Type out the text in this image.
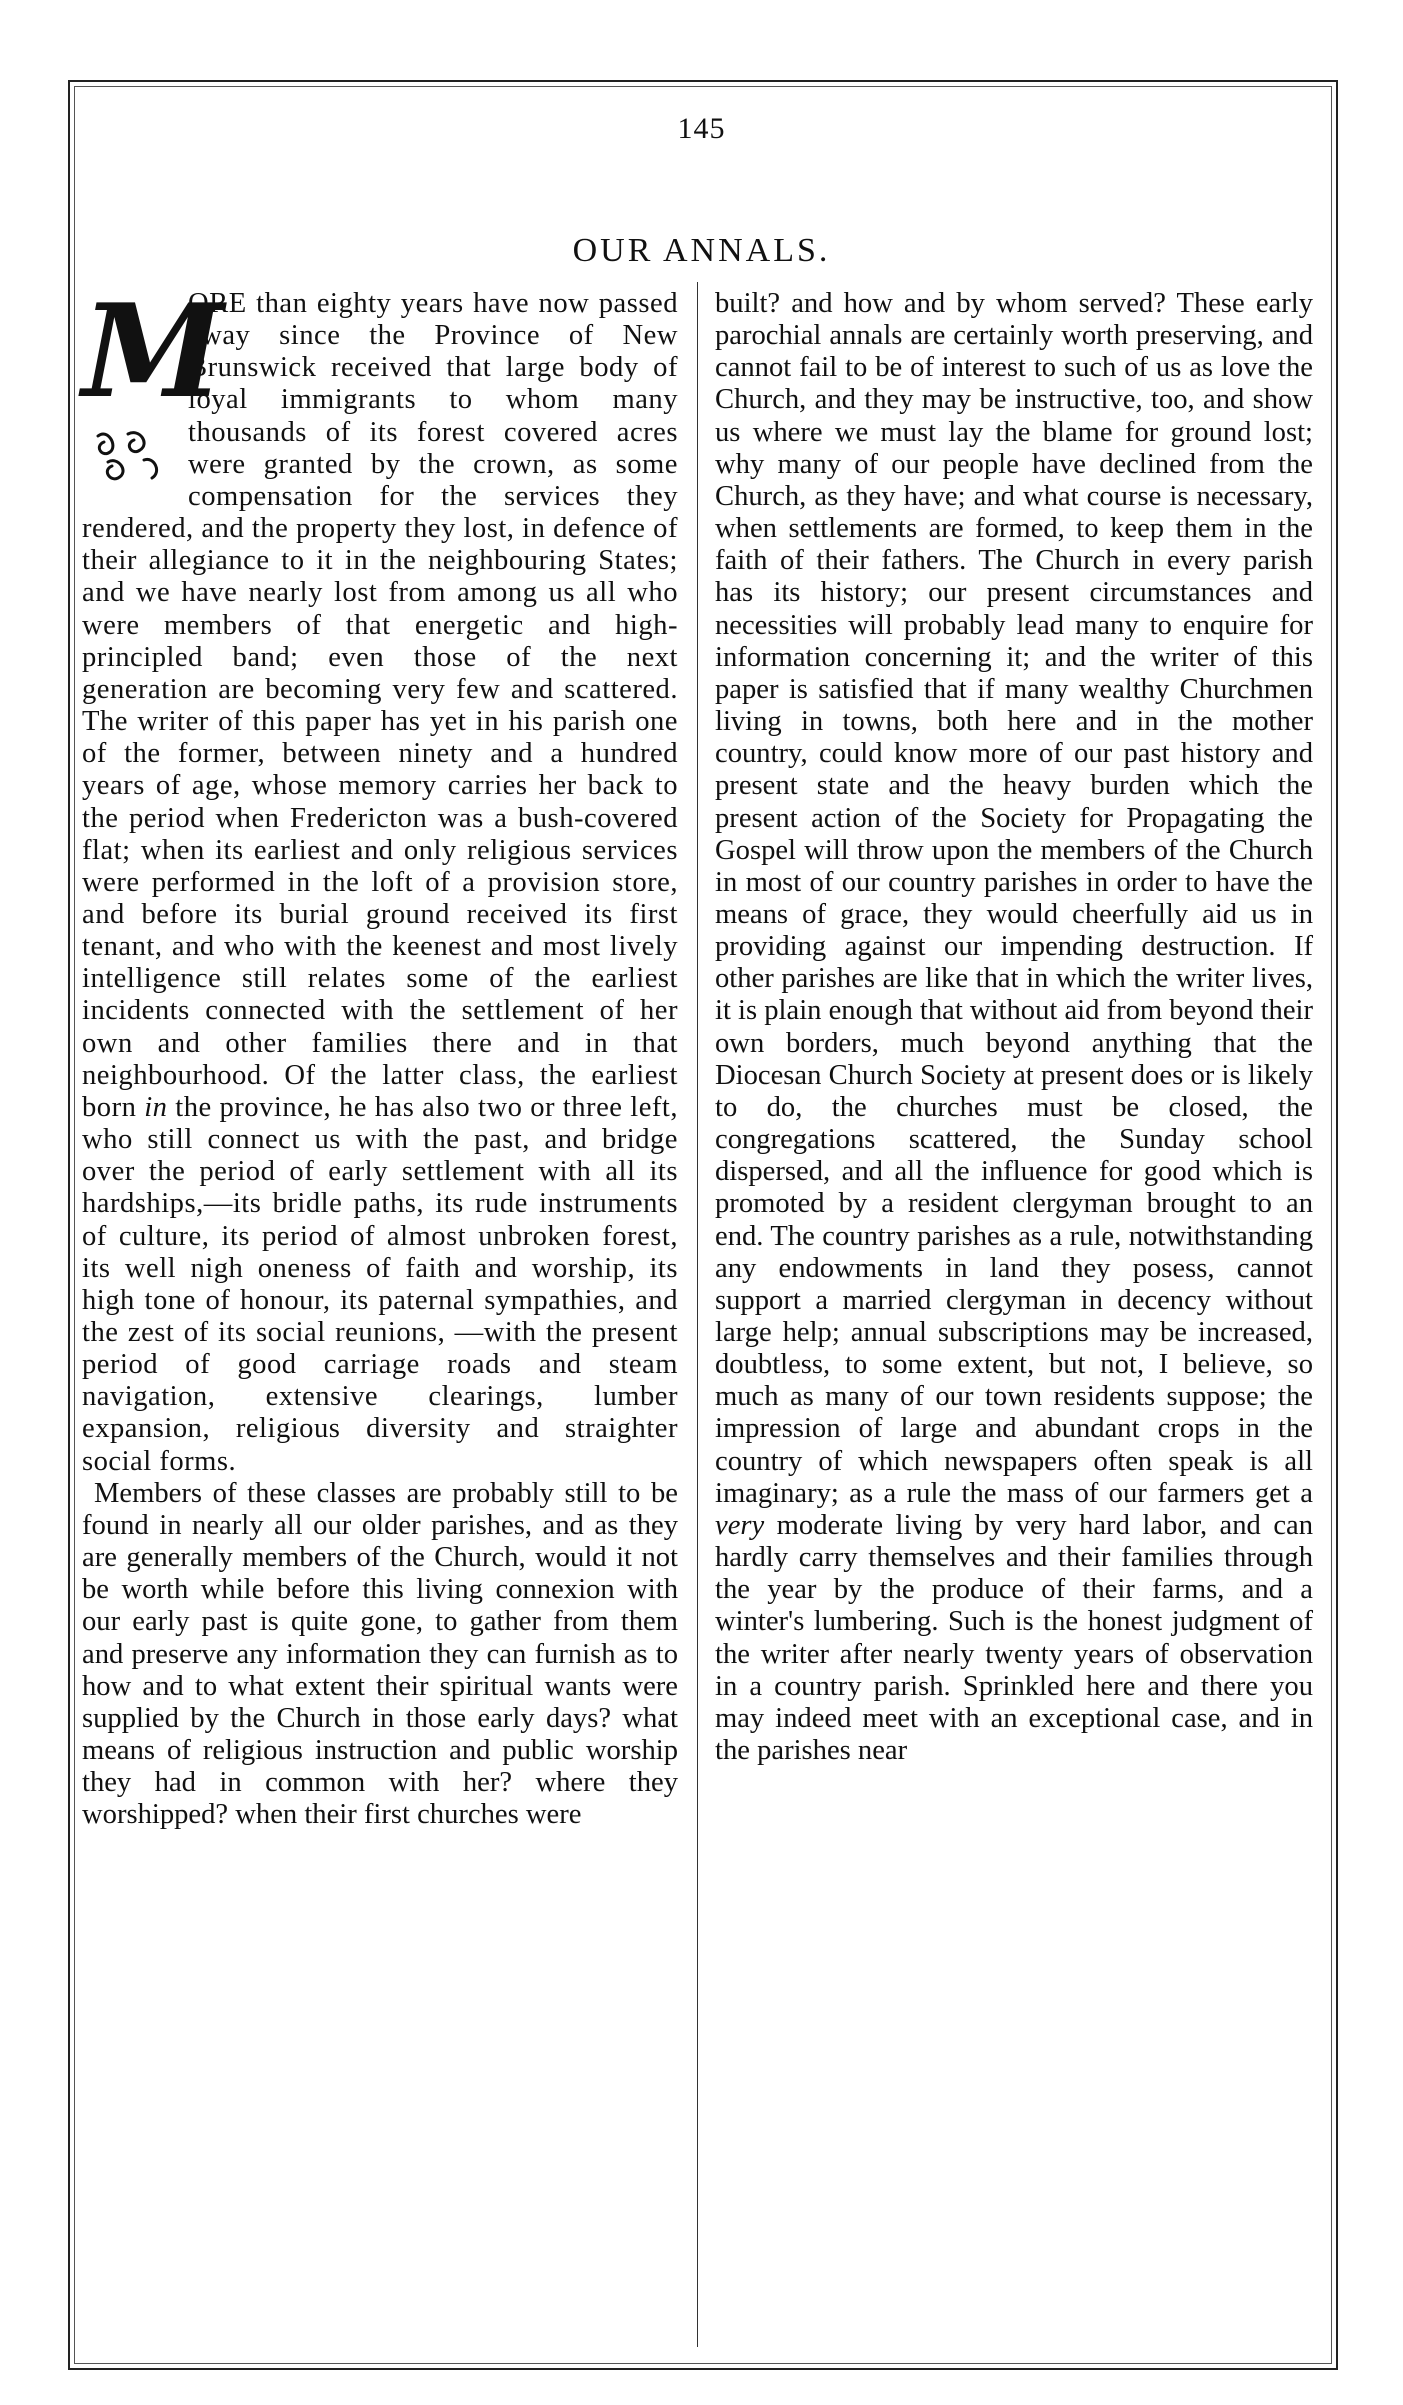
145
OUR ANNALS.
M

ORE than eighty years have now passed away since the Province of New Brunswick received that large body of loyal immigrants to whom many thousands of its forest covered acres were granted by the crown, as some compensation for the services they rendered, and the property they lost, in defence of their allegiance to it in the neighbouring States; and we have nearly lost from among us all who were members of that energetic and high-principled band; even those of the next generation are becoming very few and scattered. The writer of this paper has yet in his parish one of the former, between ninety and a hundred years of age, whose memory carries her back to the period when Fredericton was a bush-covered flat; when its earliest and only religious services were performed in the loft of a provision store, and before its burial ground received its first tenant, and who with the keenest and most lively intelligence still relates some of the earliest incidents connected with the settlement of her own and other families there and in that neighbourhood. Of the latter class, the earliest born in the province, he has also two or three left, who still connect us with the past, and bridge over the period of early settlement with all its hardships,—its bridle paths, its rude instruments of culture, its period of almost unbroken forest, its well nigh oneness of faith and worship, its high tone of honour, its paternal sympathies, and the zest of its social reunions, —with the present period of good carriage roads and steam navigation, extensive clearings, lumber expansion, religious diversity and straighter social forms.

Members of these classes are probably still to be found in nearly all our older parishes, and as they are generally members of the Church, would it not be worth while before this living connexion with our early past is quite gone, to gather from them and preserve any information they can furnish as to how and to what extent their spiritual wants were supplied by the Church in those early days? what means of religious instruction and public worship they had in common with her? where they worshipped? when their first churches were

built? and how and by whom served? These early parochial annals are certainly worth preserving, and cannot fail to be of interest to such of us as love the Church, and they may be instructive, too, and show us where we must lay the blame for ground lost; why many of our people have declined from the Church, as they have; and what course is necessary, when settlements are formed, to keep them in the faith of their fathers. The Church in every parish has its history; our present circumstances and necessities will probably lead many to enquire for information concerning it; and the writer of this paper is satisfied that if many wealthy Churchmen living in towns, both here and in the mother country, could know more of our past history and present state and the heavy burden which the present action of the Society for Propagating the Gospel will throw upon the members of the Church in most of our country parishes in order to have the means of grace, they would cheerfully aid us in providing against our impending destruction. If other parishes are like that in which the writer lives, it is plain enough that without aid from beyond their own borders, much beyond anything that the Diocesan Church Society at present does or is likely to do, the churches must be closed, the congregations scattered, the Sunday school dispersed, and all the influence for good which is promoted by a resident clergyman brought to an end. The country parishes as a rule, notwithstanding any endowments in land they posess, cannot support a married clergyman in decency without large help; annual subscriptions may be increased, doubtless, to some extent, but not, I believe, so much as many of our town residents suppose; the impression of large and abundant crops in the country of which newspapers often speak is all imaginary; as a rule the mass of our farmers get a very moderate living by very hard labor, and can hardly carry themselves and their families through the year by the produce of their farms, and a winter's lumbering. Such is the honest judgment of the writer after nearly twenty years of observation in a country parish. Sprinkled here and there you may indeed meet with an exceptional case, and in the parishes near
